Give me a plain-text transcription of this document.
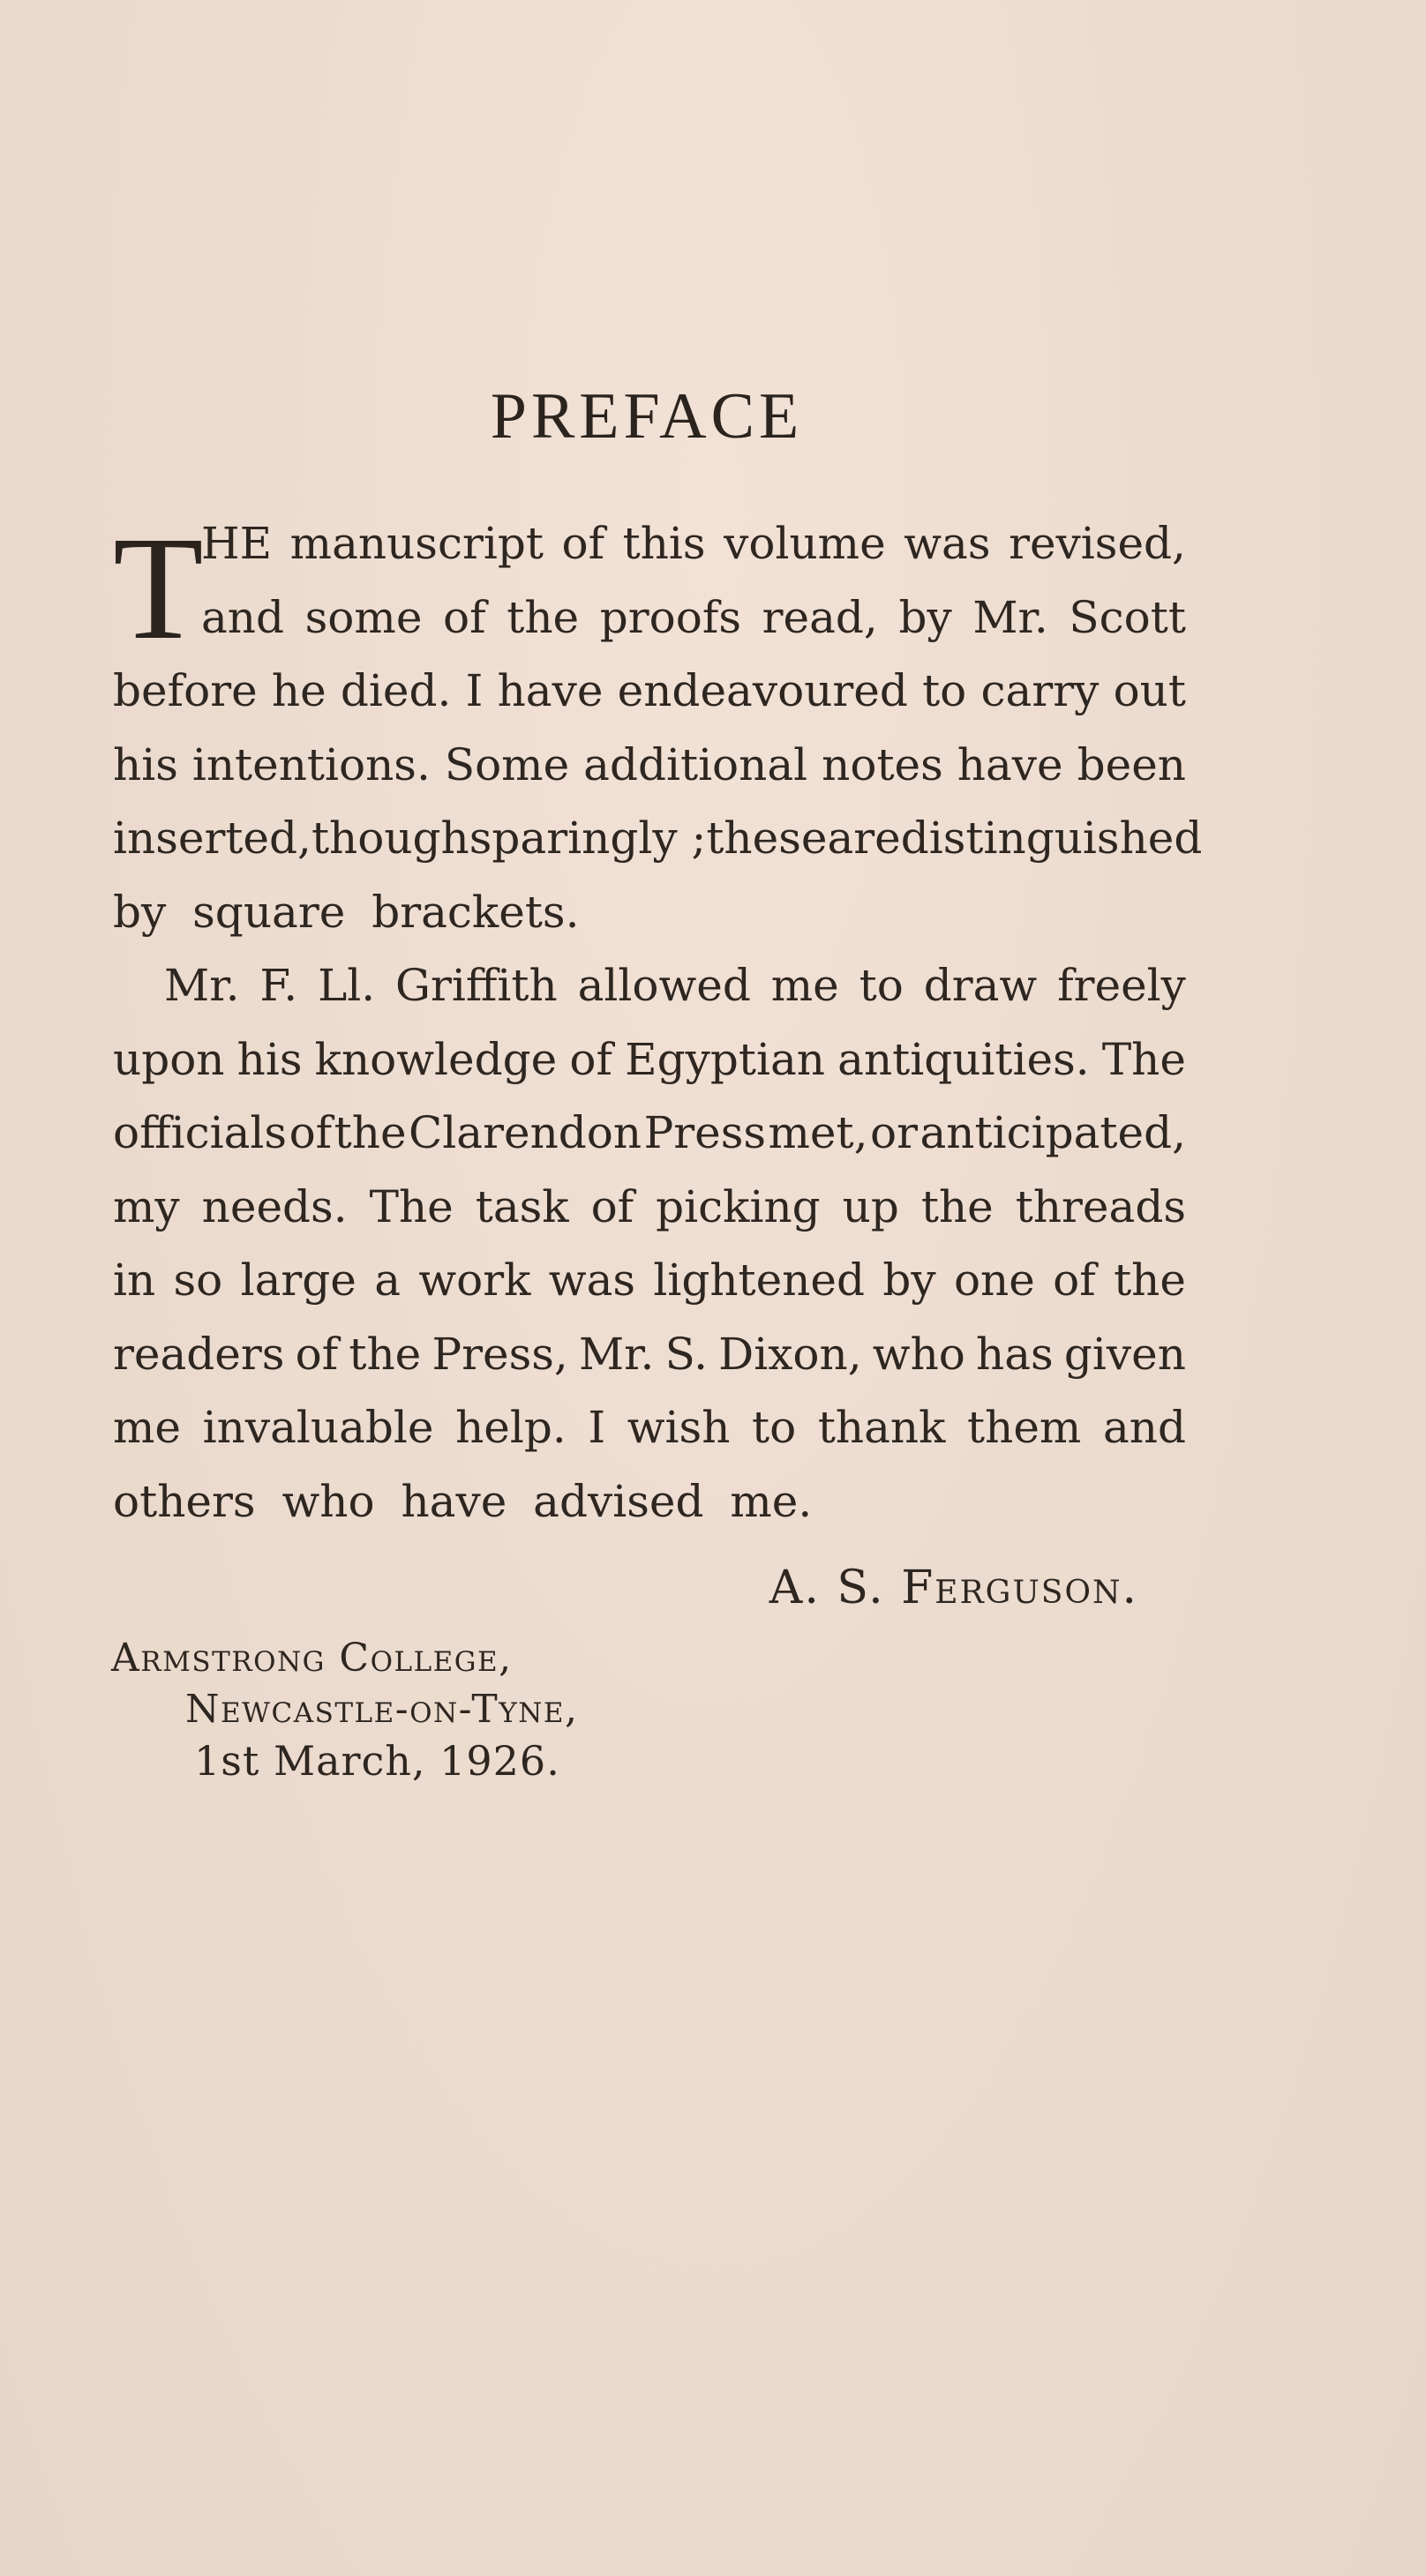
PREFACE
T
HE manuscript of this volume was revised,
and some of the proofs read, by Mr. Scott
before he died. I have endeavoured to carry out
his intentions. Some additional notes have been
inserted, though sparingly ; these are distinguished
by square brackets.
Mr. F. Ll. Griffith allowed me to draw freely
upon his knowledge of Egyptian antiquities. The
officials of the Clarendon Press met, or anticipated,
my needs. The task of picking up the threads
in so large a work was lightened by one of the
readers of the Press, Mr. S. Dixon, who has given
me invaluable help. I wish to thank them and
others who have advised me.
A. S. Ferguson.
Armstrong College,
Newcastle-on-Tyne,
1st March, 1926.
